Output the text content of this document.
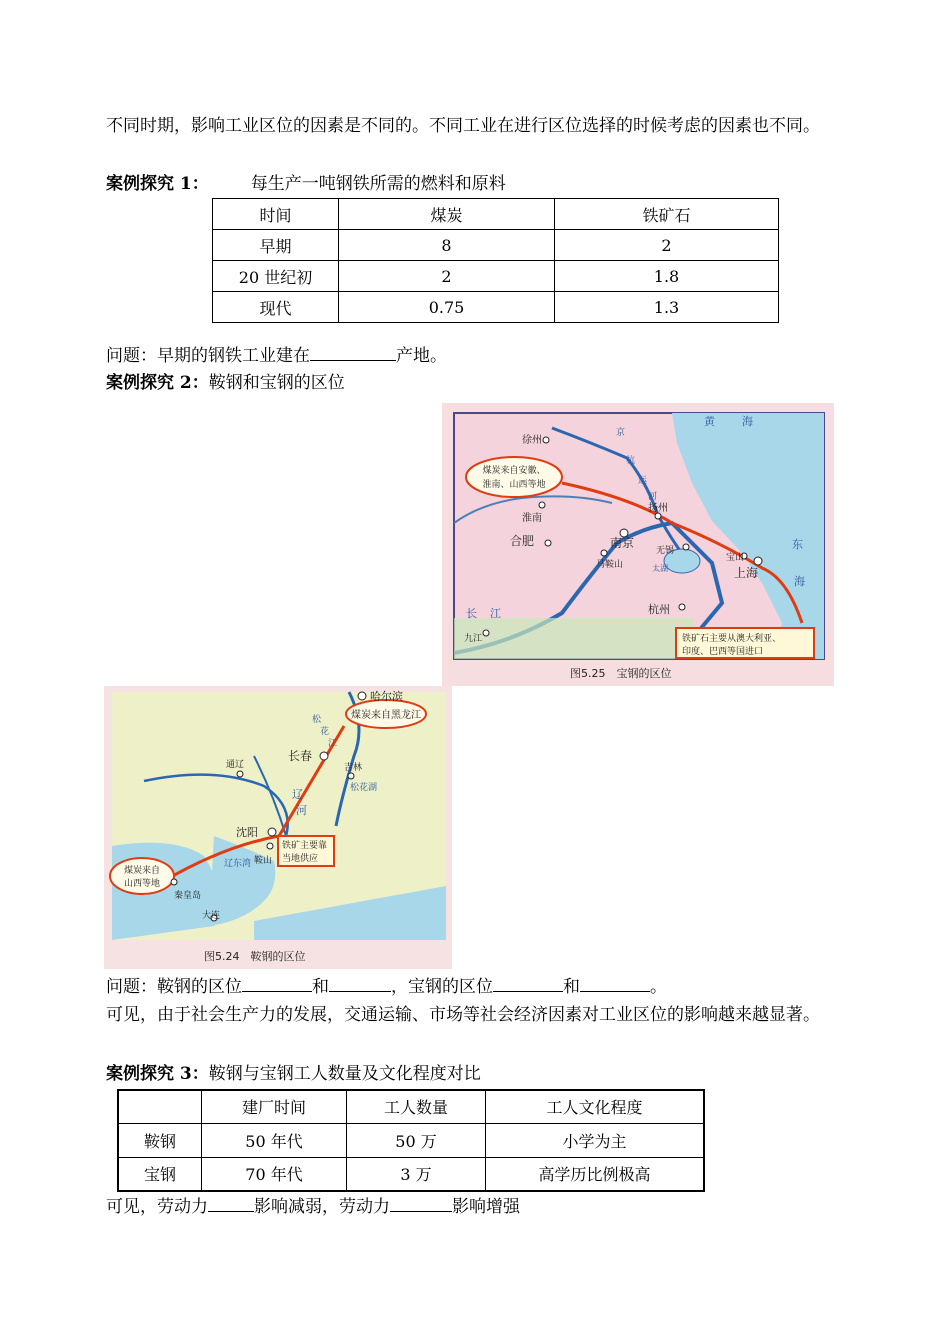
不同时期，影响工业区位的因素是不同的。不同工业在进行区位选择的时候考虑的因素也不同。
案例探究 1： 每生产一吨钢铁所需的燃料和原料
时间	煤炭	铁矿石
早期	8	2
20 世纪初	2	1.8
现代	0.75	1.3
问题：早期的钢铁工业建在	产地。
案例探究 2：鞍钢和宝钢的区位
煤炭来自安徽、
淮南、山西等地
铁矿石主要从澳大利亚、
印度、巴西等国进口
徐州
淮南
合肥	南京
马鞍山
扬州
无锡
宝山
上海
杭州
九江
黄 海
东
海
长 江
京
杭
运
河
太湖
图5.25　宝钢的区位
煤炭来自黑龙江
煤炭来自
山西等地
铁矿主要靠
当地供应
哈尔滨
长春
吉林
通辽
沈阳
鞍山
秦皇岛
大连
松
花
江
松花湖
辽
河
辽东湾
图5.24　鞍钢的区位
问题：鞍钢的区位	和	，宝钢的区位	和	。
可见，由于社会生产力的发展，交通运输、市场等社会经济因素对工业区位的影响越来越显著。
案例探究 3：鞍钢与宝钢工人数量及文化程度对比
	建厂时间	工人数量	工人文化程度
鞍钢	50 年代	50 万	小学为主
宝钢	70 年代	3 万	高学历比例极高
可见，劳动力	影响减弱，劳动力	影响增强
